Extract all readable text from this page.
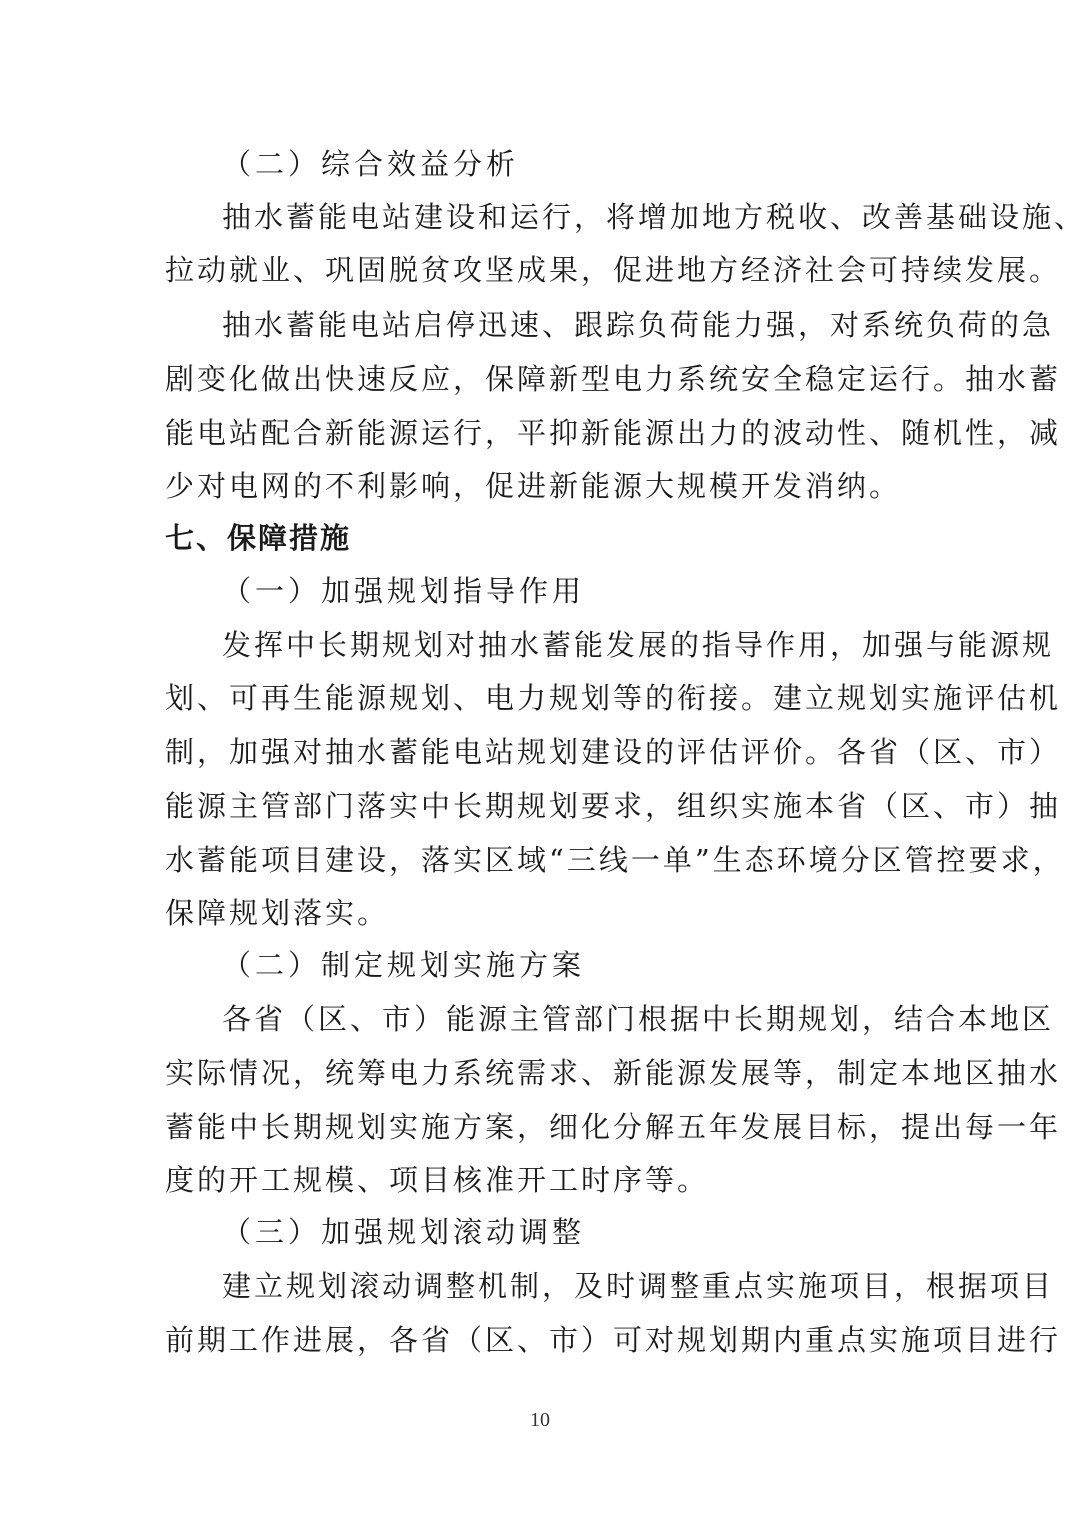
（二）综合效益分析
抽水蓄能电站建设和运行，将增加地方税收、改善基础设施、
拉动就业、巩固脱贫攻坚成果，促进地方经济社会可持续发展。
抽水蓄能电站启停迅速、跟踪负荷能力强，对系统负荷的急
剧变化做出快速反应，保障新型电力系统安全稳定运行。抽水蓄
能电站配合新能源运行，平抑新能源出力的波动性、随机性，减
少对电网的不利影响，促进新能源大规模开发消纳。
七、保障措施
（一）加强规划指导作用
发挥中长期规划对抽水蓄能发展的指导作用，加强与能源规
划、可再生能源规划、电力规划等的衔接。建立规划实施评估机
制，加强对抽水蓄能电站规划建设的评估评价。各省（区、市）
能源主管部门落实中长期规划要求，组织实施本省（区、市）抽
水蓄能项目建设，落实区域“三线一单”生态环境分区管控要求，
保障规划落实。
（二）制定规划实施方案
各省（区、市）能源主管部门根据中长期规划，结合本地区
实际情况，统筹电力系统需求、新能源发展等，制定本地区抽水
蓄能中长期规划实施方案，细化分解五年发展目标，提出每一年
度的开工规模、项目核准开工时序等。
（三）加强规划滚动调整
建立规划滚动调整机制，及时调整重点实施项目，根据项目
前期工作进展，各省（区、市）可对规划期内重点实施项目进行
10
